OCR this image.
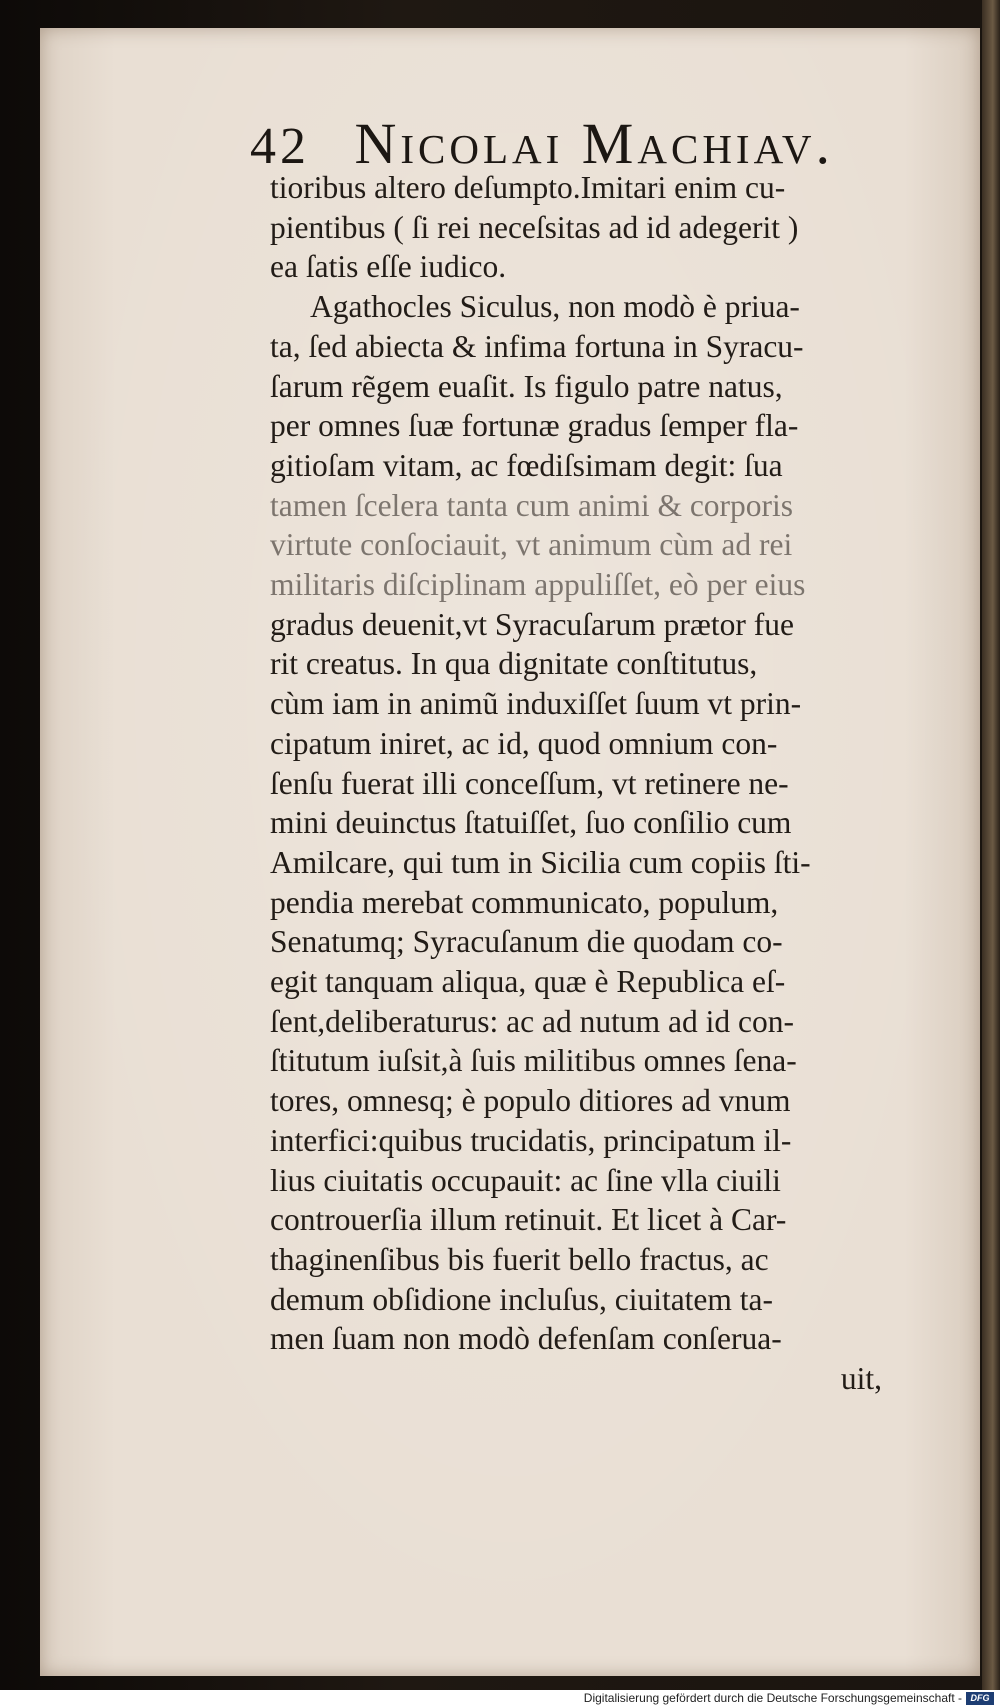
42 Nicolai Machiav.
tioribus altero deſumpto.Imitari enim cu-
pientibus ( ſi rei neceſsitas ad id adegerit )
ea ſatis eſſe iudico.
Agathocles Siculus, non modò è priua-
ta, ſed abiecta & infima fortuna in Syracu-
ſarum rẽgem euaſit. Is figulo patre natus,
per omnes ſuæ fortunæ gradus ſemper fla-
gitioſam vitam, ac fœdiſsimam degit: ſua
tamen ſcelera tanta cum animi & corporis
virtute conſociauit, vt animum cùm ad rei
militaris diſciplinam appuliſſet, eò per eius
gradus deuenit,vt Syracuſarum prætor fue
rit creatus. In qua dignitate conſtitutus,
cùm iam in animũ induxiſſet ſuum vt prin-
cipatum iniret, ac id, quod omnium con-
ſenſu fuerat illi conceſſum, vt retinere ne-
mini deuinctus ſtatuiſſet, ſuo conſilio cum
Amilcare, qui tum in Sicilia cum copiis ſti-
pendia merebat communicato, populum,
Senatumq; Syracuſanum die quodam co-
egit tanquam aliqua, quæ è Republica eſ-
ſent,deliberaturus: ac ad nutum ad id con-
ſtitutum iuſsit,à ſuis militibus omnes ſena-
tores, omnesq; è populo ditiores ad vnum
interfici:quibus trucidatis, principatum il-
lius ciuitatis occupauit: ac ſine vlla ciuili
controuerſia illum retinuit. Et licet à Car-
thaginenſibus bis fuerit bello fractus, ac
demum obſidione incluſus, ciuitatem ta-
men ſuam non modò defenſam conſerua-
uit,
Digitalisierung gefördert durch die Deutsche Forschungsgemeinschaft - DFG
